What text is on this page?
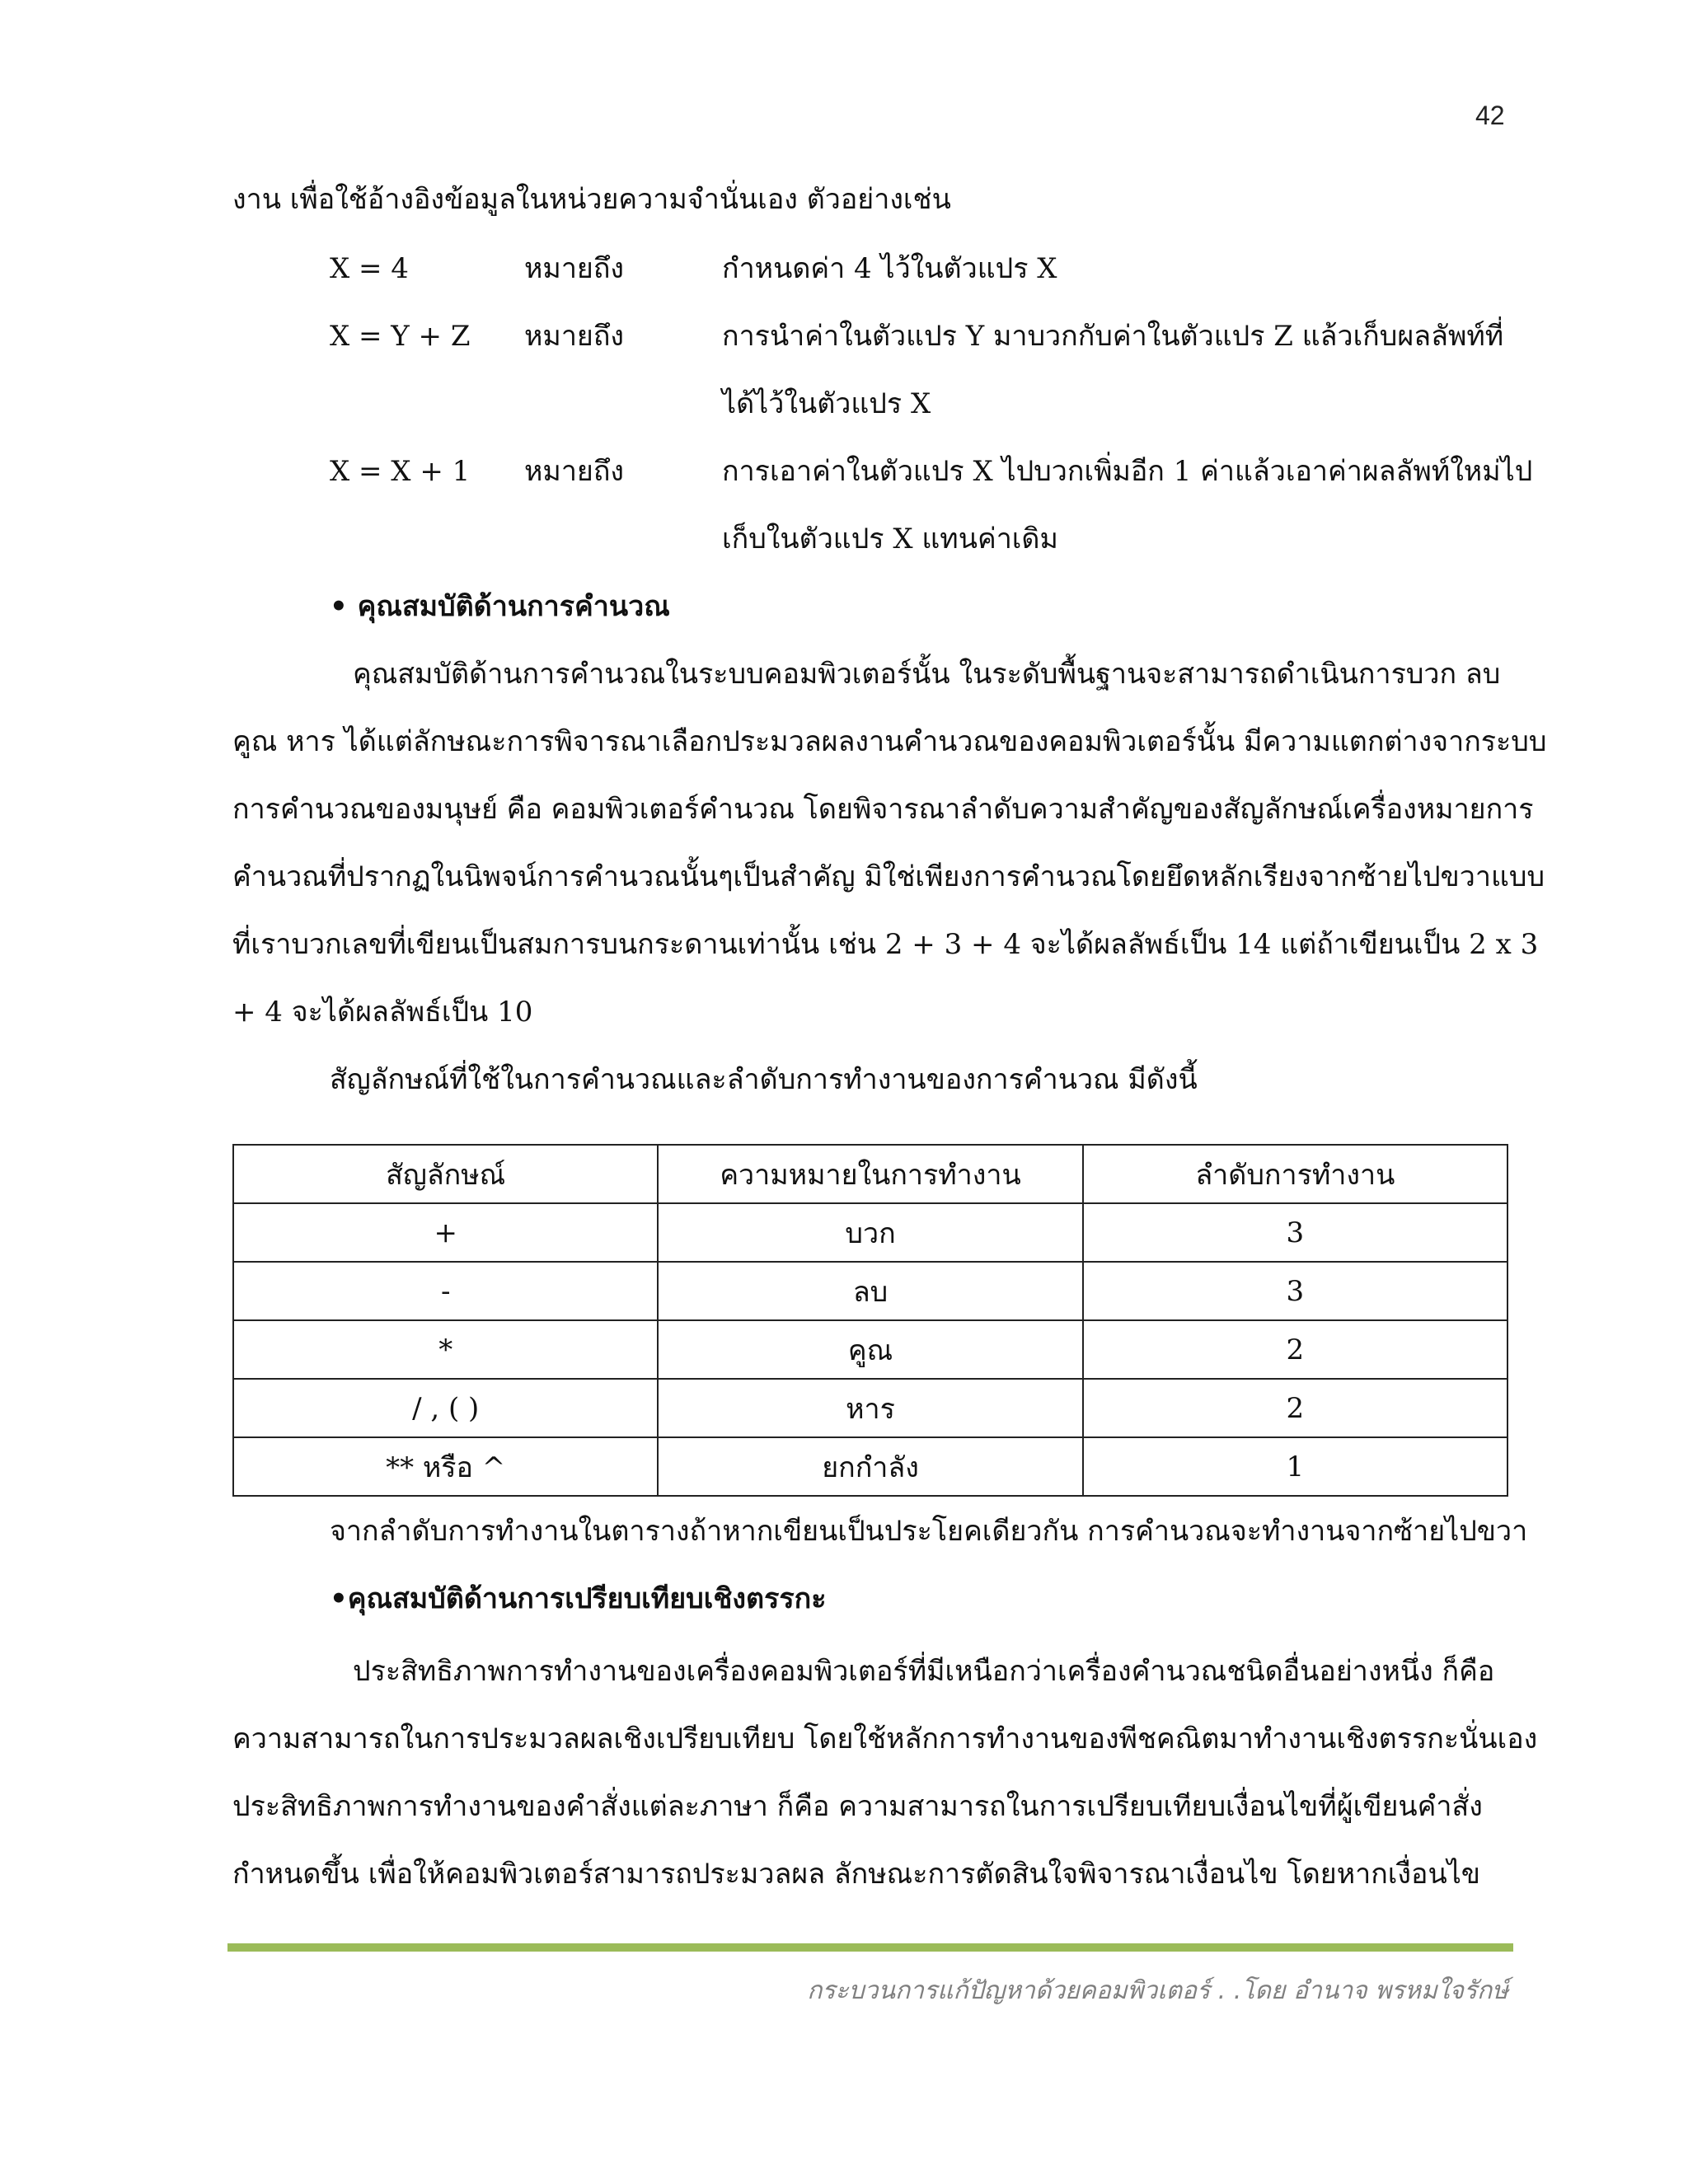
42
งาน เพื่อใช้อ้างอิงข้อมูลในหน่วยความจำนั่นเอง ตัวอย่างเช่น
X = 4	หมายถึง	กำหนดค่า 4 ไว้ในตัวแปร X
X = Y + Z หมายถึง	การนำค่าในตัวแปร Y มาบวกกับค่าในตัวแปร Z แล้วเก็บผลลัพท์ที่
ได้ไว้ในตัวแปร X
X = X + 1 หมายถึง	การเอาค่าในตัวแปร X ไปบวกเพิ่มอีก 1 ค่าแล้วเอาค่าผลลัพท์ใหม่ไป
เก็บในตัวแปร X แทนค่าเดิม
• คุณสมบัติด้านการคำนวณ
คุณสมบัติด้านการคำนวณในระบบคอมพิวเตอร์นั้น ในระดับพื้นฐานจะสามารถดำเนินการบวก ลบ
คูณ หาร ได้แต่ลักษณะการพิจารณาเลือกประมวลผลงานคำนวณของคอมพิวเตอร์นั้น มีความแตกต่างจากระบบ
การคำนวณของมนุษย์ คือ คอมพิวเตอร์คำนวณ โดยพิจารณาลำดับความสำคัญของสัญลักษณ์เครื่องหมายการ
คำนวณที่ปรากฏในนิพจน์การคำนวณนั้นๆเป็นสำคัญ มิใช่เพียงการคำนวณโดยยึดหลักเรียงจากซ้ายไปขวาแบบ
ที่เราบวกเลขที่เขียนเป็นสมการบนกระดานเท่านั้น เช่น 2 + 3 + 4 จะได้ผลลัพธ์เป็น 14 แต่ถ้าเขียนเป็น 2 x 3
+ 4 จะได้ผลลัพธ์เป็น 10
สัญลักษณ์ที่ใช้ในการคำนวณและลำดับการทำงานของการคำนวณ มีดังนี้
สัญลักษณ์	ความหมายในการทำงาน	ลำดับการทำงาน
+	บวก	3
-	ลบ	3
*	คูณ	2
/ , ( )	หาร	2
** หรือ ^	ยกกำลัง	1
จากลำดับการทำงานในตารางถ้าหากเขียนเป็นประโยคเดียวกัน การคำนวณจะทำงานจากซ้ายไปขวา
•คุณสมบัติด้านการเปรียบเทียบเชิงตรรกะ
ประสิทธิภาพการทำงานของเครื่องคอมพิวเตอร์ที่มีเหนือกว่าเครื่องคำนวณชนิดอื่นอย่างหนึ่ง ก็คือ
ความสามารถในการประมวลผลเชิงเปรียบเทียบ โดยใช้หลักการทำงานของพีชคณิตมาทำงานเชิงตรรกะนั่นเอง
ประสิทธิภาพการทำงานของคำสั่งแต่ละภาษา ก็คือ ความสามารถในการเปรียบเทียบเงื่อนไขที่ผู้เขียนคำสั่ง
กำหนดขึ้น เพื่อให้คอมพิวเตอร์สามารถประมวลผล ลักษณะการตัดสินใจพิจารณาเงื่อนไข โดยหากเงื่อนไข
กระบวนการแก้ปัญหาด้วยคอมพิวเตอร์ . .โดย อำนาจ พรหมใจรักษ์
